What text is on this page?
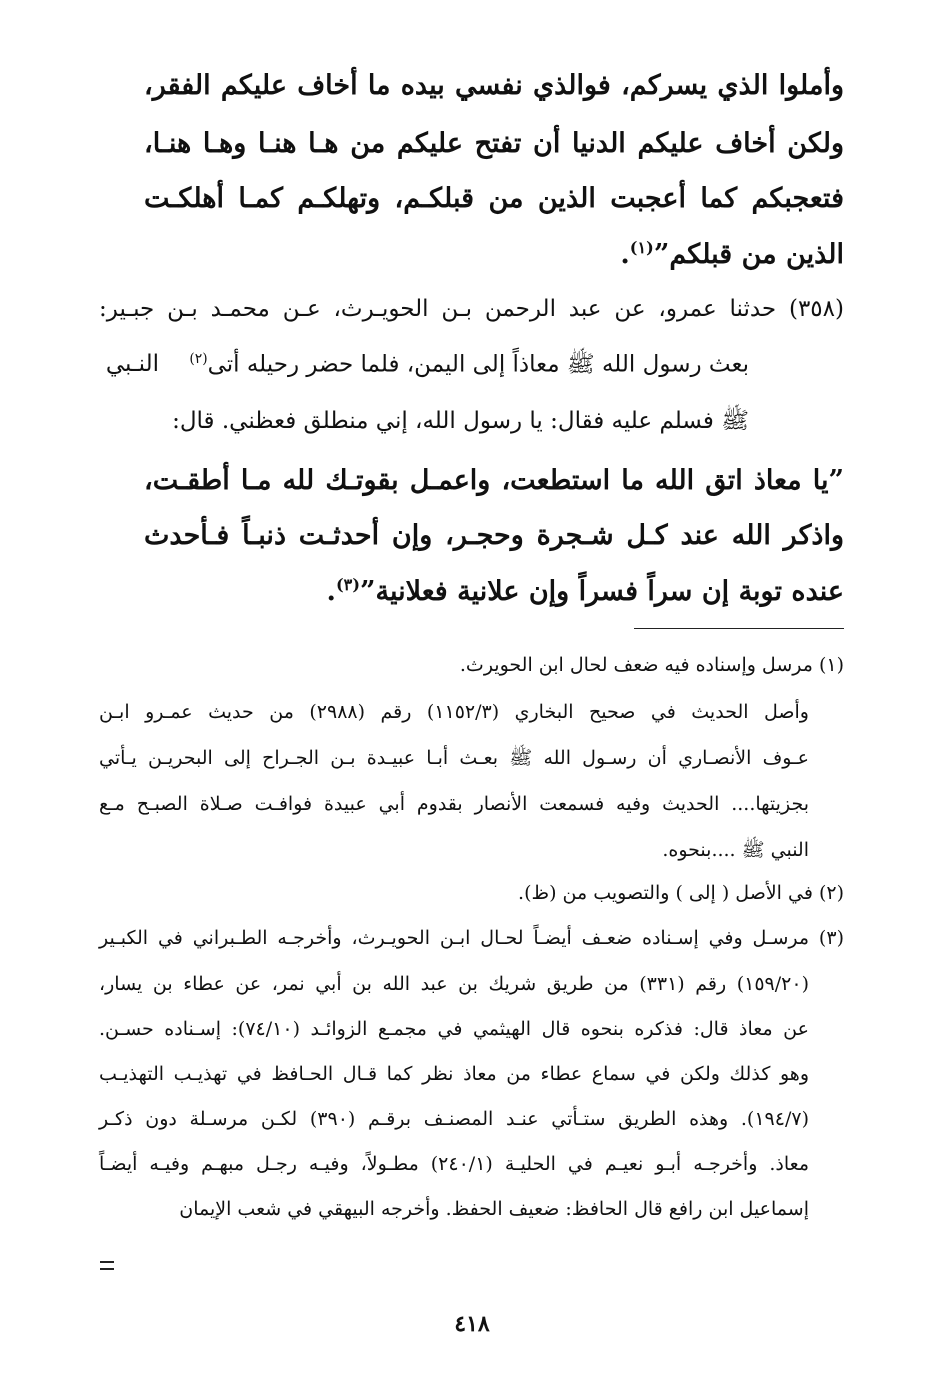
وأملوا الذي يسركم، فوالذي نفسي بيده ما أخاف عليكم الفقر،
ولكن أخاف عليكم الدنيا أن تفتح عليكم من هـا هنـا وهـا هنـا،
فتعجبكم كما أعجبت الذين من قبلكـم، وتهلكـم كمـا أهلكـت
الذين من قبلكم”$^{(١)}$.
(٣٥٨) حدثنا عمرو، عن عبد الرحمن بـن الحويـرث، عـن محمـد بـن جبـير:
بعث رسول الله ﷺ معاذاً إلى اليمن، فلما حضر رحيله أتى$^{(٢)}$
النـبي
ﷺ فسلم عليه فقال: يا رسول الله، إني منطلق فعظني. قال:
”يا معاذ اتق الله ما استطعت، واعمـل بقوتـك لله مـا أطقـت،
واذكر الله عند كـل شـجرة وحجـر، وإن أحدثـت ذنبـاً فـأحدث
عنده توبة إن سراً فسراً وإن علانية فعلانية”$^{(٣)}$.
(١) مرسل وإسناده فيه ضعف لحال ابن الحويرث.
وأصل الحديث في صحيح البخاري (١١٥٢/٣) رقم (٢٩٨٨) من حديث عمـرو ابـن
عـوف الأنصـاري أن رسـول الله ﷺ بعـث أبـا عبيـدة بـن الجـراح إلى البحريـن يـأتي
بجزيتها.... الحديث وفيه فسمعت الأنصار بقدوم أبي عبيدة فوافـت صـلاة الصبـح مـع
النبي ﷺ ....بنحوه.
(٢) في الأصل ( إلى ) والتصويب من (ظ).
(٣) مرسـل وفي إسـناده ضعـف أيضـاً لحـال ابـن الحويـرث، وأخرجـه الطـبراني في الكبـير
(١٥٩/٢٠) رقم (٣٣١) من طريق شريك بن عبد الله بن أبي نمر، عن عطاء بن يسار،
عن معاذ قال: فذكره بنحوه قال الهيثمي في مجمـع الزوائـد (٧٤/١٠): إسـناده حسـن.
وهو كذلك ولكن في سماع عطاء من معاذ نظر كما قـال الحـافظ في تهذيـب التهذيـب
(١٩٤/٧). وهذه الطريق ستـأتي عنـد المصنـف برقـم (٣٩٠) لكـن مرسـلة دون ذكـر
معاذ. وأخرجـه أبـو نعيـم في الحليـة (٢٤٠/١) مطـولاً، وفيـه رجـل مبهـم وفيـه أيضـاً
إسماعيل ابن رافع قال الحافظ: ضعيف الحفظ. وأخرجه البيهقي في شعب الإيمان
٤١٨
